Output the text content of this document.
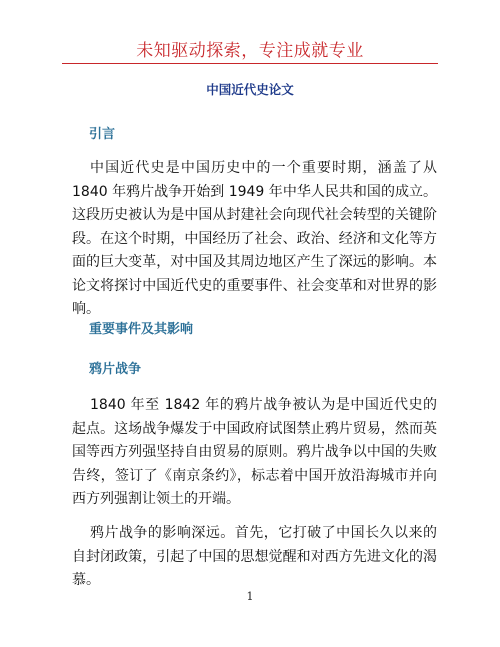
未知驱动探索，专注成就专业
中国近代史论文
引言
中国近代史是中国历史中的一个重要时期，涵盖了从 1840 年鸦片战争开始到 1949 年中华人民共和国的成立。这段历史被认为是中国从封建社会向现代社会转型的关键阶段。在这个时期，中国经历了社会、政治、经济和文化等方面的巨大变革，对中国及其周边地区产生了深远的影响。本论文将探讨中国近代史的重要事件、社会变革和对世界的影响。
重要事件及其影响
鸦片战争
1840 年至 1842 年的鸦片战争被认为是中国近代史的起点。这场战争爆发于中国政府试图禁止鸦片贸易，然而英国等西方列强坚持自由贸易的原则。鸦片战争以中国的失败告终，签订了《南京条约》，标志着中国开放沿海城市并向西方列强割让领土的开端。
鸦片战争的影响深远。首先，它打破了中国长久以来的自封闭政策，引起了中国的思想觉醒和对西方先进文化的渴慕。
1
